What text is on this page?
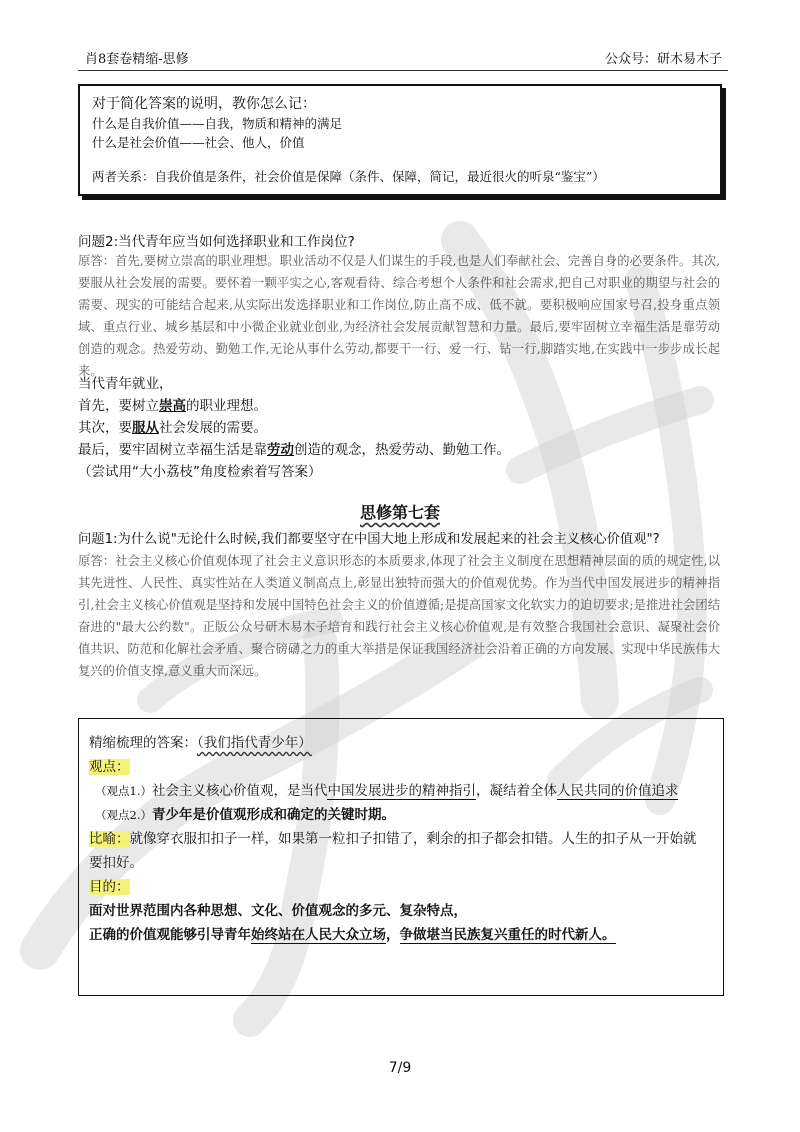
肖8套卷精缩-思修	公众号：研木易木子
对于简化答案的说明，教你怎么记：
什么是自我价值——自我，物质和精神的满足
什么是社会价值——社会、他人，价值
两者关系：自我价值是条件，社会价值是保障（条件、保障，简记，最近很火的听泉“鉴宝”）
问题2:当代青年应当如何选择职业和工作岗位?
原答：首先,要树立崇高的职业理想。职业活动不仅是人们谋生的手段,也是人们奉献社会、完善自身的必要条件。其次,要服从社会发展的需要。要怀着一颗平实之心,客观看待、综合考想个人条件和社会需求,把自己对职业的期望与社会的需要、现实的可能结合起来,从实际出发选择职业和工作岗位,防止高不成、低不就。要积极响应国家号召,投身重点领域、重点行业、城乡基层和中小微企业就业创业,为经济社会发展贡献智慧和力量。最后,要牢固树立幸福生活是靠劳动创造的观念。热爱劳动、勤勉工作,无论从事什么劳动,都要干一行、爱一行、钻一行,脚踏实地,在实践中一步步成长起来。
当代青年就业，
首先，要树立崇高的职业理想。
其次，要服从社会发展的需要。
最后，要牢固树立幸福生活是靠劳动创造的观念，热爱劳动、勤勉工作。
（尝试用“大小荔枝”角度检索着写答案）
思修第七套
问题1:为什么说"无论什么时候,我们都要坚守在中国大地上形成和发展起来的社会主义核心价值观"?
原答：社会主义核心价值观体现了社会主义意识形态的本质要求,体现了社会主义制度在思想精神层面的质的规定性,以其先进性、人民性、真实性站在人类道义制高点上,彰显出独特而强大的价值观优势。作为当代中国发展进步的精神指引,社会主义核心价值观是坚持和发展中国特色社会主义的价值遵循;是提高国家文化软实力的迫切要求;是推进社会团结奋进的"最大公约数"。正版公众号研木易木子培育和践行社会主义核心价值观,是有效整合我国社会意识、凝聚社会价值共识、防范和化解社会矛盾、聚合磅礴之力的重大举措是保证我国经济社会沿着正确的方向发展、实现中华民族伟大复兴的价值支撑,意义重大而深远。
精缩梳理的答案：（我们指代青少年）
观点：
（观点1.）社会主义核心价值观，是当代中国发展进步的精神指引，凝结着全体人民共同的价值追求
（观点2.）青少年是价值观形成和确定的关键时期。
比喻：就像穿衣服扣扣子一样，如果第一粒扣子扣错了，剩余的扣子都会扣错。人生的扣子从一开始就要扣好。
目的：
面对世界范围内各种思想、文化、价值观念的多元、复杂特点，
正确的价值观能够引导青年始终站在人民大众立场，争做堪当民族复兴重任的时代新人。
7/9
